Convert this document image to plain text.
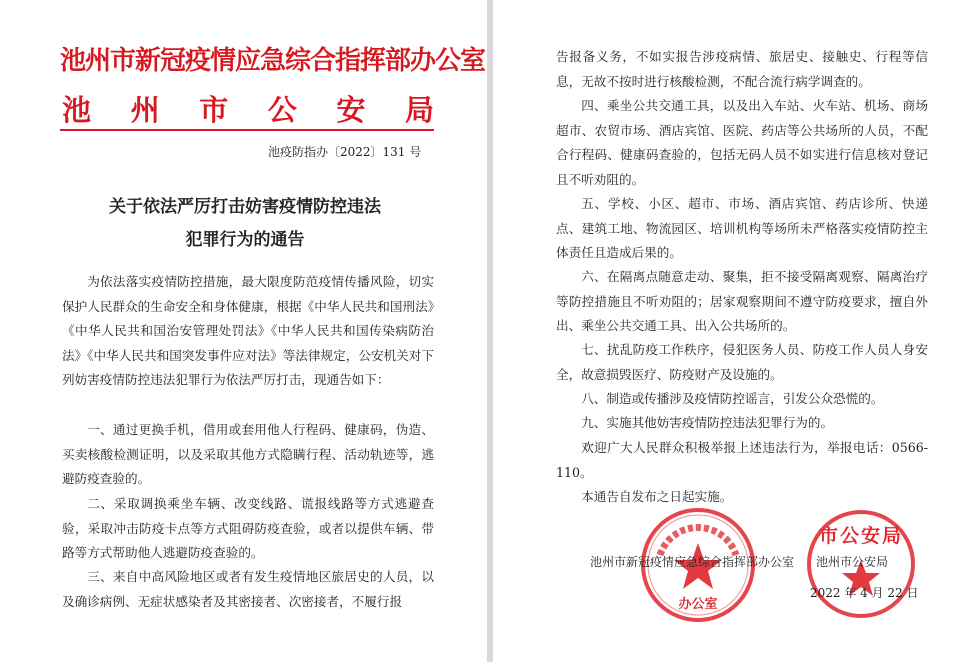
池州市新冠疫情应急综合指挥部办公室
池 州 市 公 安 局
池疫防指办〔2022〕131 号
关于依法严厉打击妨害疫情防控违法
犯罪行为的通告
为依法落实疫情防控措施，最大限度防范疫情传播风险，切实保护人民群众的生命安全和身体健康，根据《中华人民共和国刑法》《中华人民共和国治安管理处罚法》《中华人民共和国传染病防治法》《中华人民共和国突发事件应对法》等法律规定，公安机关对下列妨害疫情防控违法犯罪行为依法严厉打击，现通告如下：
一、通过更换手机，借用或套用他人行程码、健康码，伪造、买卖核酸检测证明，以及采取其他方式隐瞒行程、活动轨迹等，逃避防疫查验的。
二、采取调换乘坐车辆、改变线路、谎报线路等方式逃避查验，采取冲击防疫卡点等方式阻碍防疫查验，或者以提供车辆、带路等方式帮助他人逃避防疫查验的。
三、来自中高风险地区或者有发生疫情地区旅居史的人员，以及确诊病例、无症状感染者及其密接者、次密接者，不履行报
告报备义务，不如实报告涉疫病情、旅居史、接触史、行程等信息，无故不按时进行核酸检测，不配合流行病学调查的。
四、乘坐公共交通工具，以及出入车站、火车站、机场、商场超市、农贸市场、酒店宾馆、医院、药店等公共场所的人员，不配合行程码、健康码查验的，包括无码人员不如实进行信息核对登记且不听劝阻的。
五、学校、小区、超市、市场、酒店宾馆、药店诊所、快递点、建筑工地、物流园区、培训机构等场所未严格落实疫情防控主体责任且造成后果的。
六、在隔离点随意走动、聚集，拒不接受隔离观察、隔离治疗等防控措施且不听劝阻的；居家观察期间不遵守防疫要求，擅自外出、乘坐公共交通工具、出入公共场所的。
七、扰乱防疫工作秩序，侵犯医务人员、防疫工作人员人身安全，故意损毁医疗、防疫财产及设施的。
八、制造或传播涉及疫情防控谣言，引发公众恐慌的。
九、实施其他妨害疫情防控违法犯罪行为的。
欢迎广大人民群众积极举报上述违法行为，举报电话：0566-110。
本通告自发布之日起实施。
办公室
市公安局
池州市新冠疫情应急综合指挥部办公室 池州市公安局
2022 年 4 月 22 日
